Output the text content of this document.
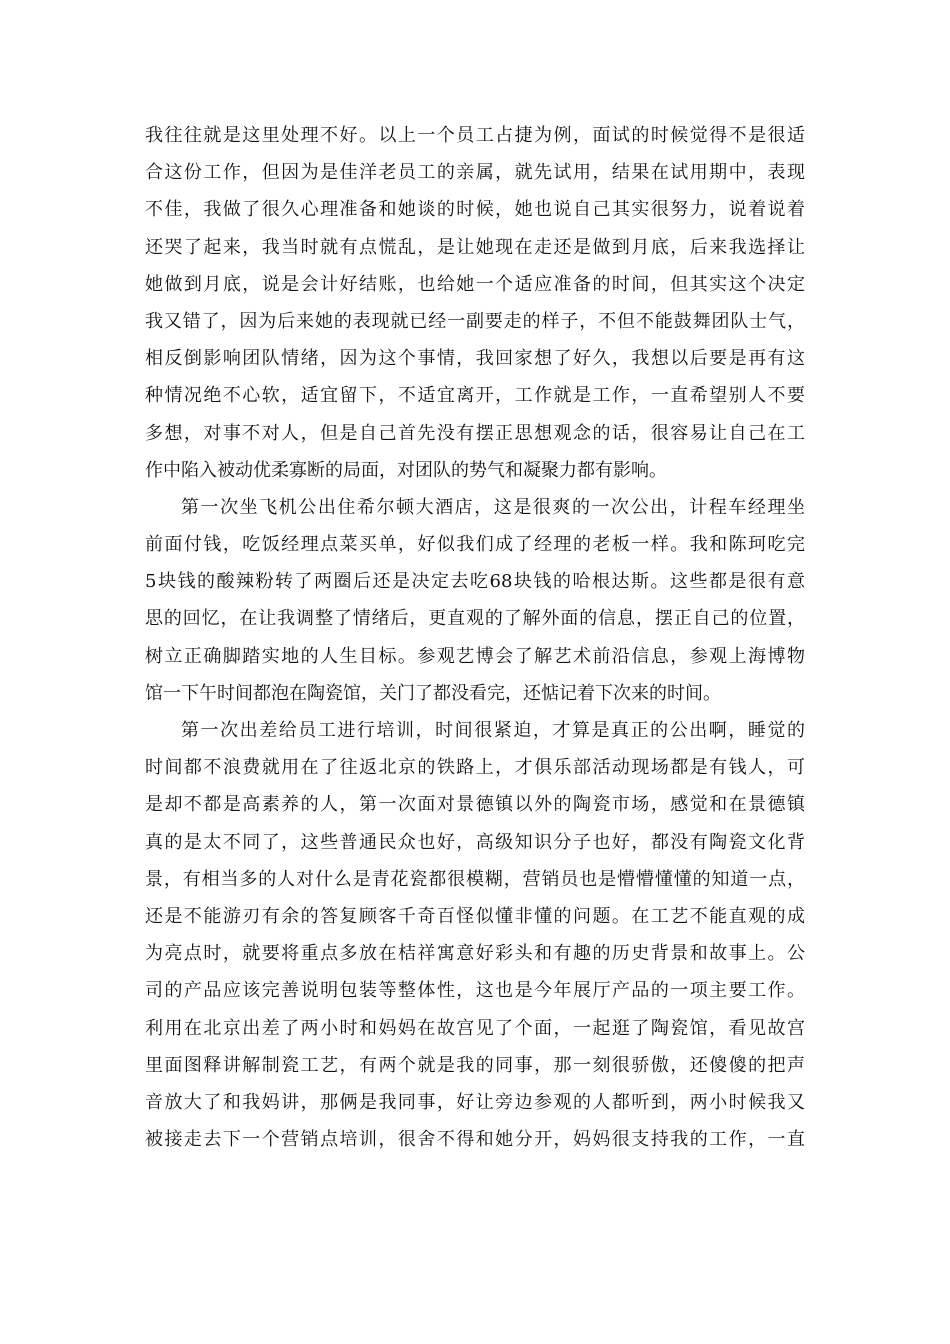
我往往就是这里处理不好。以上一个员工占捷为例，面试的时候觉得不是很适
合这份工作，但因为是佳洋老员工的亲属，就先试用，结果在试用期中，表现
不佳，我做了很久心理准备和她谈的时候，她也说自己其实很努力，说着说着
还哭了起来，我当时就有点慌乱，是让她现在走还是做到月底，后来我选择让
她做到月底，说是会计好结账，也给她一个适应准备的时间，但其实这个决定
我又错了，因为后来她的表现就已经一副要走的样子，不但不能鼓舞团队士气，
相反倒影响团队情绪，因为这个事情，我回家想了好久，我想以后要是再有这
种情况绝不心软，适宜留下，不适宜离开，工作就是工作，一直希望别人不要
多想，对事不对人，但是自己首先没有摆正思想观念的话，很容易让自己在工
作中陷入被动优柔寡断的局面，对团队的势气和凝聚力都有影响。
第一次坐飞机公出住希尔顿大酒店，这是很爽的一次公出，计程车经理坐
前面付钱，吃饭经理点菜买单，好似我们成了经理的老板一样。我和陈珂吃完
5块钱的酸辣粉转了两圈后还是决定去吃68块钱的哈根达斯。这些都是很有意
思的回忆，在让我调整了情绪后，更直观的了解外面的信息，摆正自己的位置，
树立正确脚踏实地的人生目标。参观艺博会了解艺术前沿信息，参观上海博物
馆一下午时间都泡在陶瓷馆，关门了都没看完，还惦记着下次来的时间。
第一次出差给员工进行培训，时间很紧迫，才算是真正的公出啊，睡觉的
时间都不浪费就用在了往返北京的铁路上，才俱乐部活动现场都是有钱人，可
是却不都是高素养的人，第一次面对景德镇以外的陶瓷市场，感觉和在景德镇
真的是太不同了，这些普通民众也好，高级知识分子也好，都没有陶瓷文化背
景，有相当多的人对什么是青花瓷都很模糊，营销员也是懵懵懂懂的知道一点，
还是不能游刃有余的答复顾客千奇百怪似懂非懂的问题。在工艺不能直观的成
为亮点时，就要将重点多放在桔祥寓意好彩头和有趣的历史背景和故事上。公
司的产品应该完善说明包装等整体性，这也是今年展厅产品的一项主要工作。
利用在北京出差了两小时和妈妈在故宫见了个面，一起逛了陶瓷馆，看见故宫
里面图释讲解制瓷工艺，有两个就是我的同事，那一刻很骄傲，还傻傻的把声
音放大了和我妈讲，那俩是我同事，好让旁边参观的人都听到，两小时候我又
被接走去下一个营销点培训，很舍不得和她分开，妈妈很支持我的工作，一直
